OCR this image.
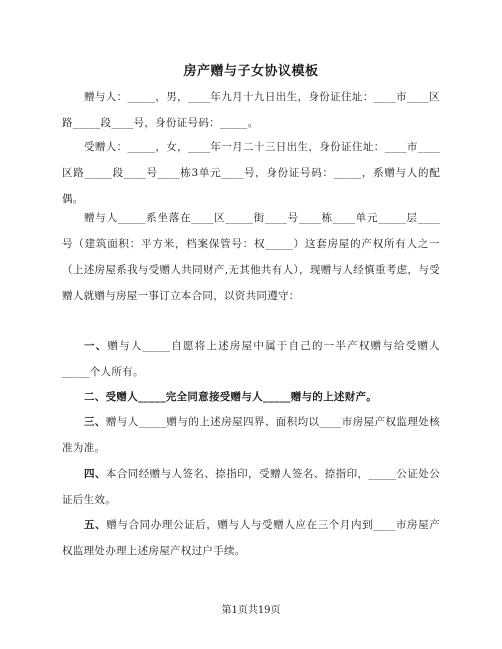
房产赠与子女协议模板

赠与人：_____，男，____年九月十九日出生，身份证住址：____市____区路_____段____号，身份证号码：_____。

受赠人：_____，女，____年一月二十三日出生，身份证住址：____市____区路_____段____号____栋3单元____号，身份证号码：_____，系赠与人的配偶。

赠与人_____系坐落在____区_____街____号____栋____单元_____层____号（建筑面积：平方米，档案保管号：权_____）这套房屋的产权所有人之一（上述房屋系我与受赠人共同财产,无其他共有人），现赠与人经慎重考虑，与受赠人就赠与房屋一事订立本合同，以资共同遵守：

一、赠与人_____自愿将上述房屋中属于自己的一半产权赠与给受赠人_____个人所有。

二、受赠人_____完全同意接受赠与人_____赠与的上述财产。

三、赠与人_____赠与的上述房屋四界、面积均以____市房屋产权监理处核准为准。

四、本合同经赠与人签名、捺指印，受赠人签名、捺指印，_____公证处公证后生效。

五、赠与合同办理公证后，赠与人与受赠人应在三个月内到____市房屋产权监理处办理上述房屋产权过户手续。

第1页共19页
